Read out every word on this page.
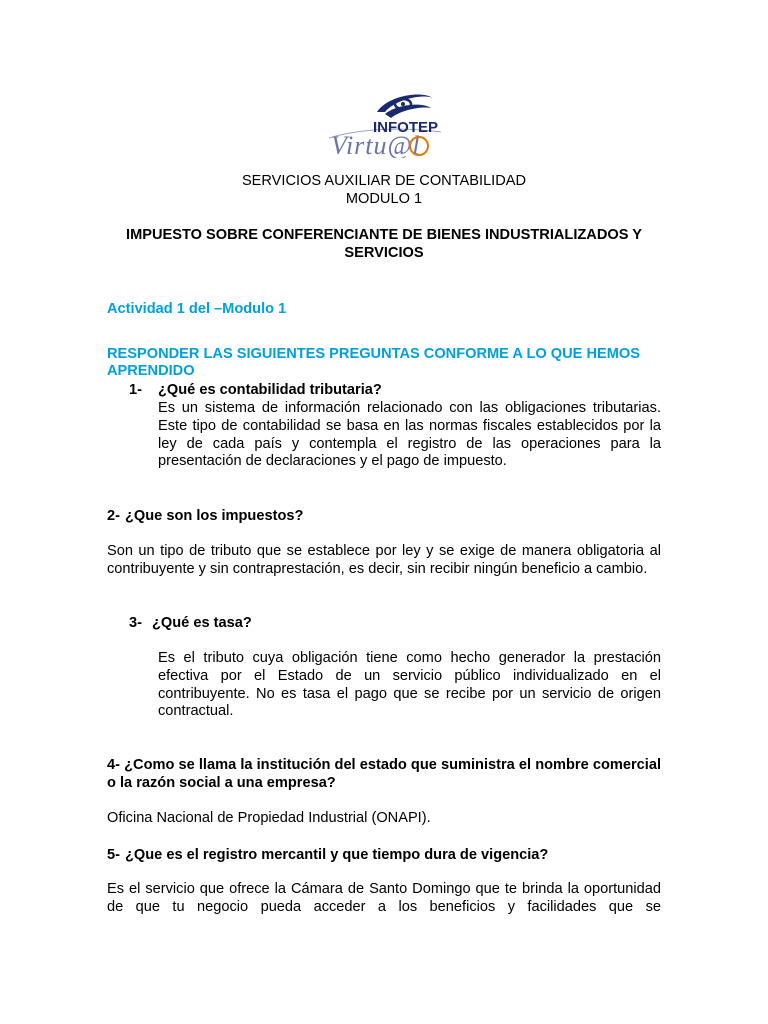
INFOTEP
Virtu@l
SERVICIOS AUXILIAR DE CONTABILIDAD
MODULO 1
IMPUESTO SOBRE CONFERENCIANTE DE BIENES INDUSTRIALIZADOS Y SERVICIOS
Actividad 1 del –Modulo 1
RESPONDER LAS SIGUIENTES PREGUNTAS CONFORME A LO QUE HEMOS APRENDIDO
1- ¿Qué es contabilidad tributaria?
Es un sistema de información relacionado con las obligaciones tributarias. Este tipo de contabilidad se basa en las normas fiscales establecidos por la ley de cada país y contempla el registro de las operaciones para la presentación de declaraciones y el pago de impuesto.
2- ¿Que son los impuestos?
Son un tipo de tributo que se establece por ley y se exige de manera obligatoria al contribuyente y sin contraprestación, es decir, sin recibir ningún beneficio a cambio.
3- ¿Qué es tasa?
Es el tributo cuya obligación tiene como hecho generador la prestación efectiva por el Estado de un servicio público individualizado en el contribuyente. No es tasa el pago que se recibe por un servicio de origen contractual.
4- ¿Como se llama la institución del estado que suministra el nombre comercial o la razón social a una empresa?
Oficina Nacional de Propiedad Industrial (ONAPI).
5- ¿Que es el registro mercantil y que tiempo dura de vigencia?
Es el servicio que ofrece la Cámara de Santo Domingo que te brinda la oportunidad de que tu negocio pueda acceder a los beneficios y facilidades que se
